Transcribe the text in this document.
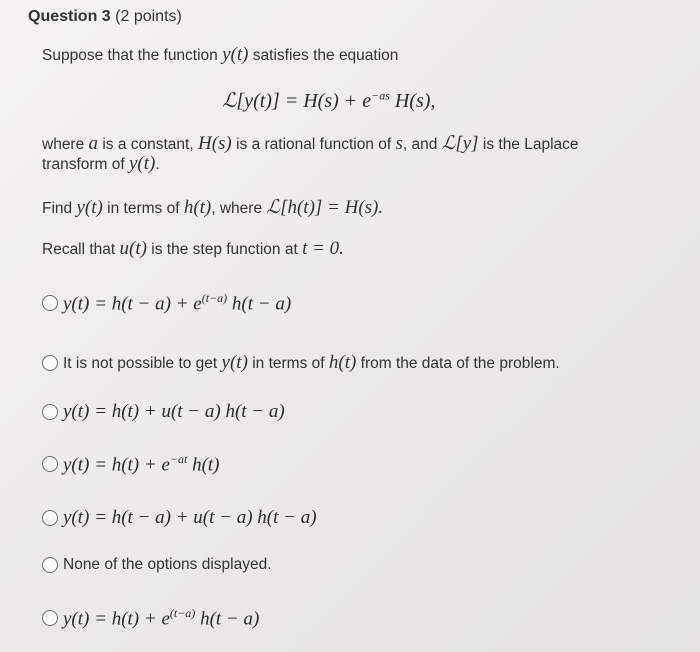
Question 3 (2 points)
Suppose that the function y(t) satisfies the equation
ℒ[y(t)] = $H(s) + e^{-as}$ H(s),
where a is a constant, H(s) is a rational function of s, and ℒ[y] is the Laplace
transform of y(t).
Find y(t) in terms of h(t), where ℒ[h(t)] = H(s).
Recall that u(t) is the step function at t = 0.
$y(t) = h(t - a) + e^{(t-a)}$ h(t − a)
It is not possible to get y(t) in terms of h(t) from the data of the problem.
y(t) = h(t) + u(t − a) h(t − a)
$y(t) = h(t) + e^{-at}$ h(t)
y(t) = h(t − a) + u(t − a) h(t − a)
None of the options displayed.
$y(t) = h(t) + e^{(t-a)}$ h(t − a)
